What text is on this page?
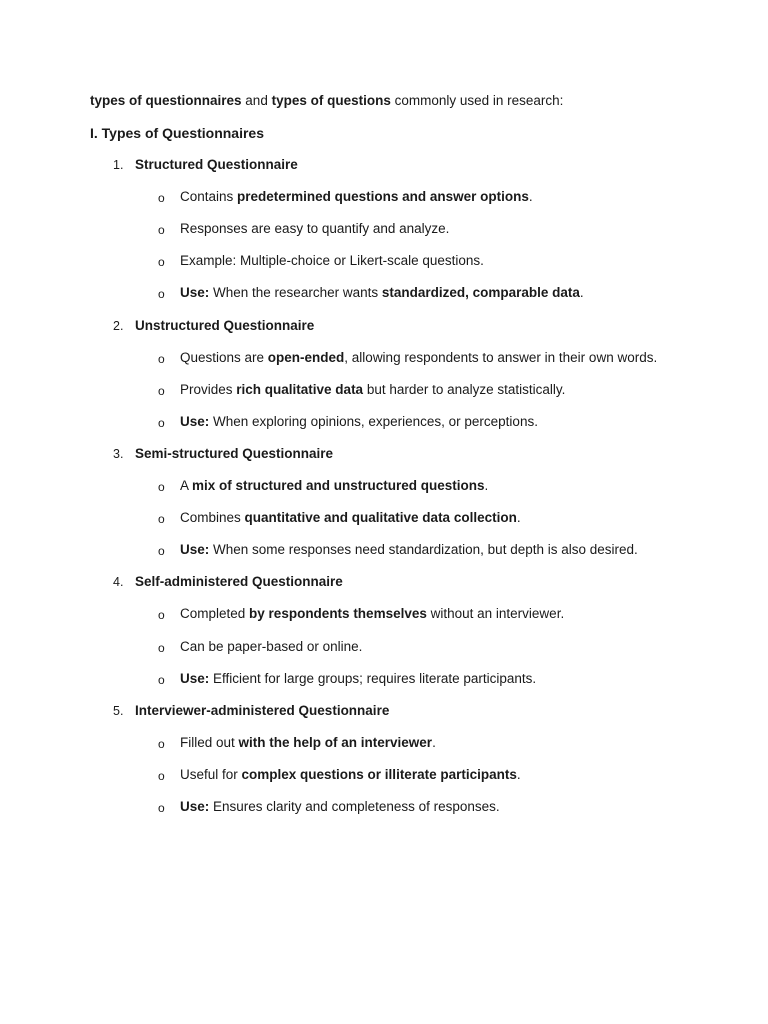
types of questionnaires and types of questions commonly used in research:
I. Types of Questionnaires
1. Structured Questionnaire
o Contains predetermined questions and answer options.
o Responses are easy to quantify and analyze.
o Example: Multiple-choice or Likert-scale questions.
o Use: When the researcher wants standardized, comparable data.
2. Unstructured Questionnaire
o Questions are open-ended, allowing respondents to answer in their own words.
o Provides rich qualitative data but harder to analyze statistically.
o Use: When exploring opinions, experiences, or perceptions.
3. Semi-structured Questionnaire
o A mix of structured and unstructured questions.
o Combines quantitative and qualitative data collection.
o Use: When some responses need standardization, but depth is also desired.
4. Self-administered Questionnaire
o Completed by respondents themselves without an interviewer.
o Can be paper-based or online.
o Use: Efficient for large groups; requires literate participants.
5. Interviewer-administered Questionnaire
o Filled out with the help of an interviewer.
o Useful for complex questions or illiterate participants.
o Use: Ensures clarity and completeness of responses.
